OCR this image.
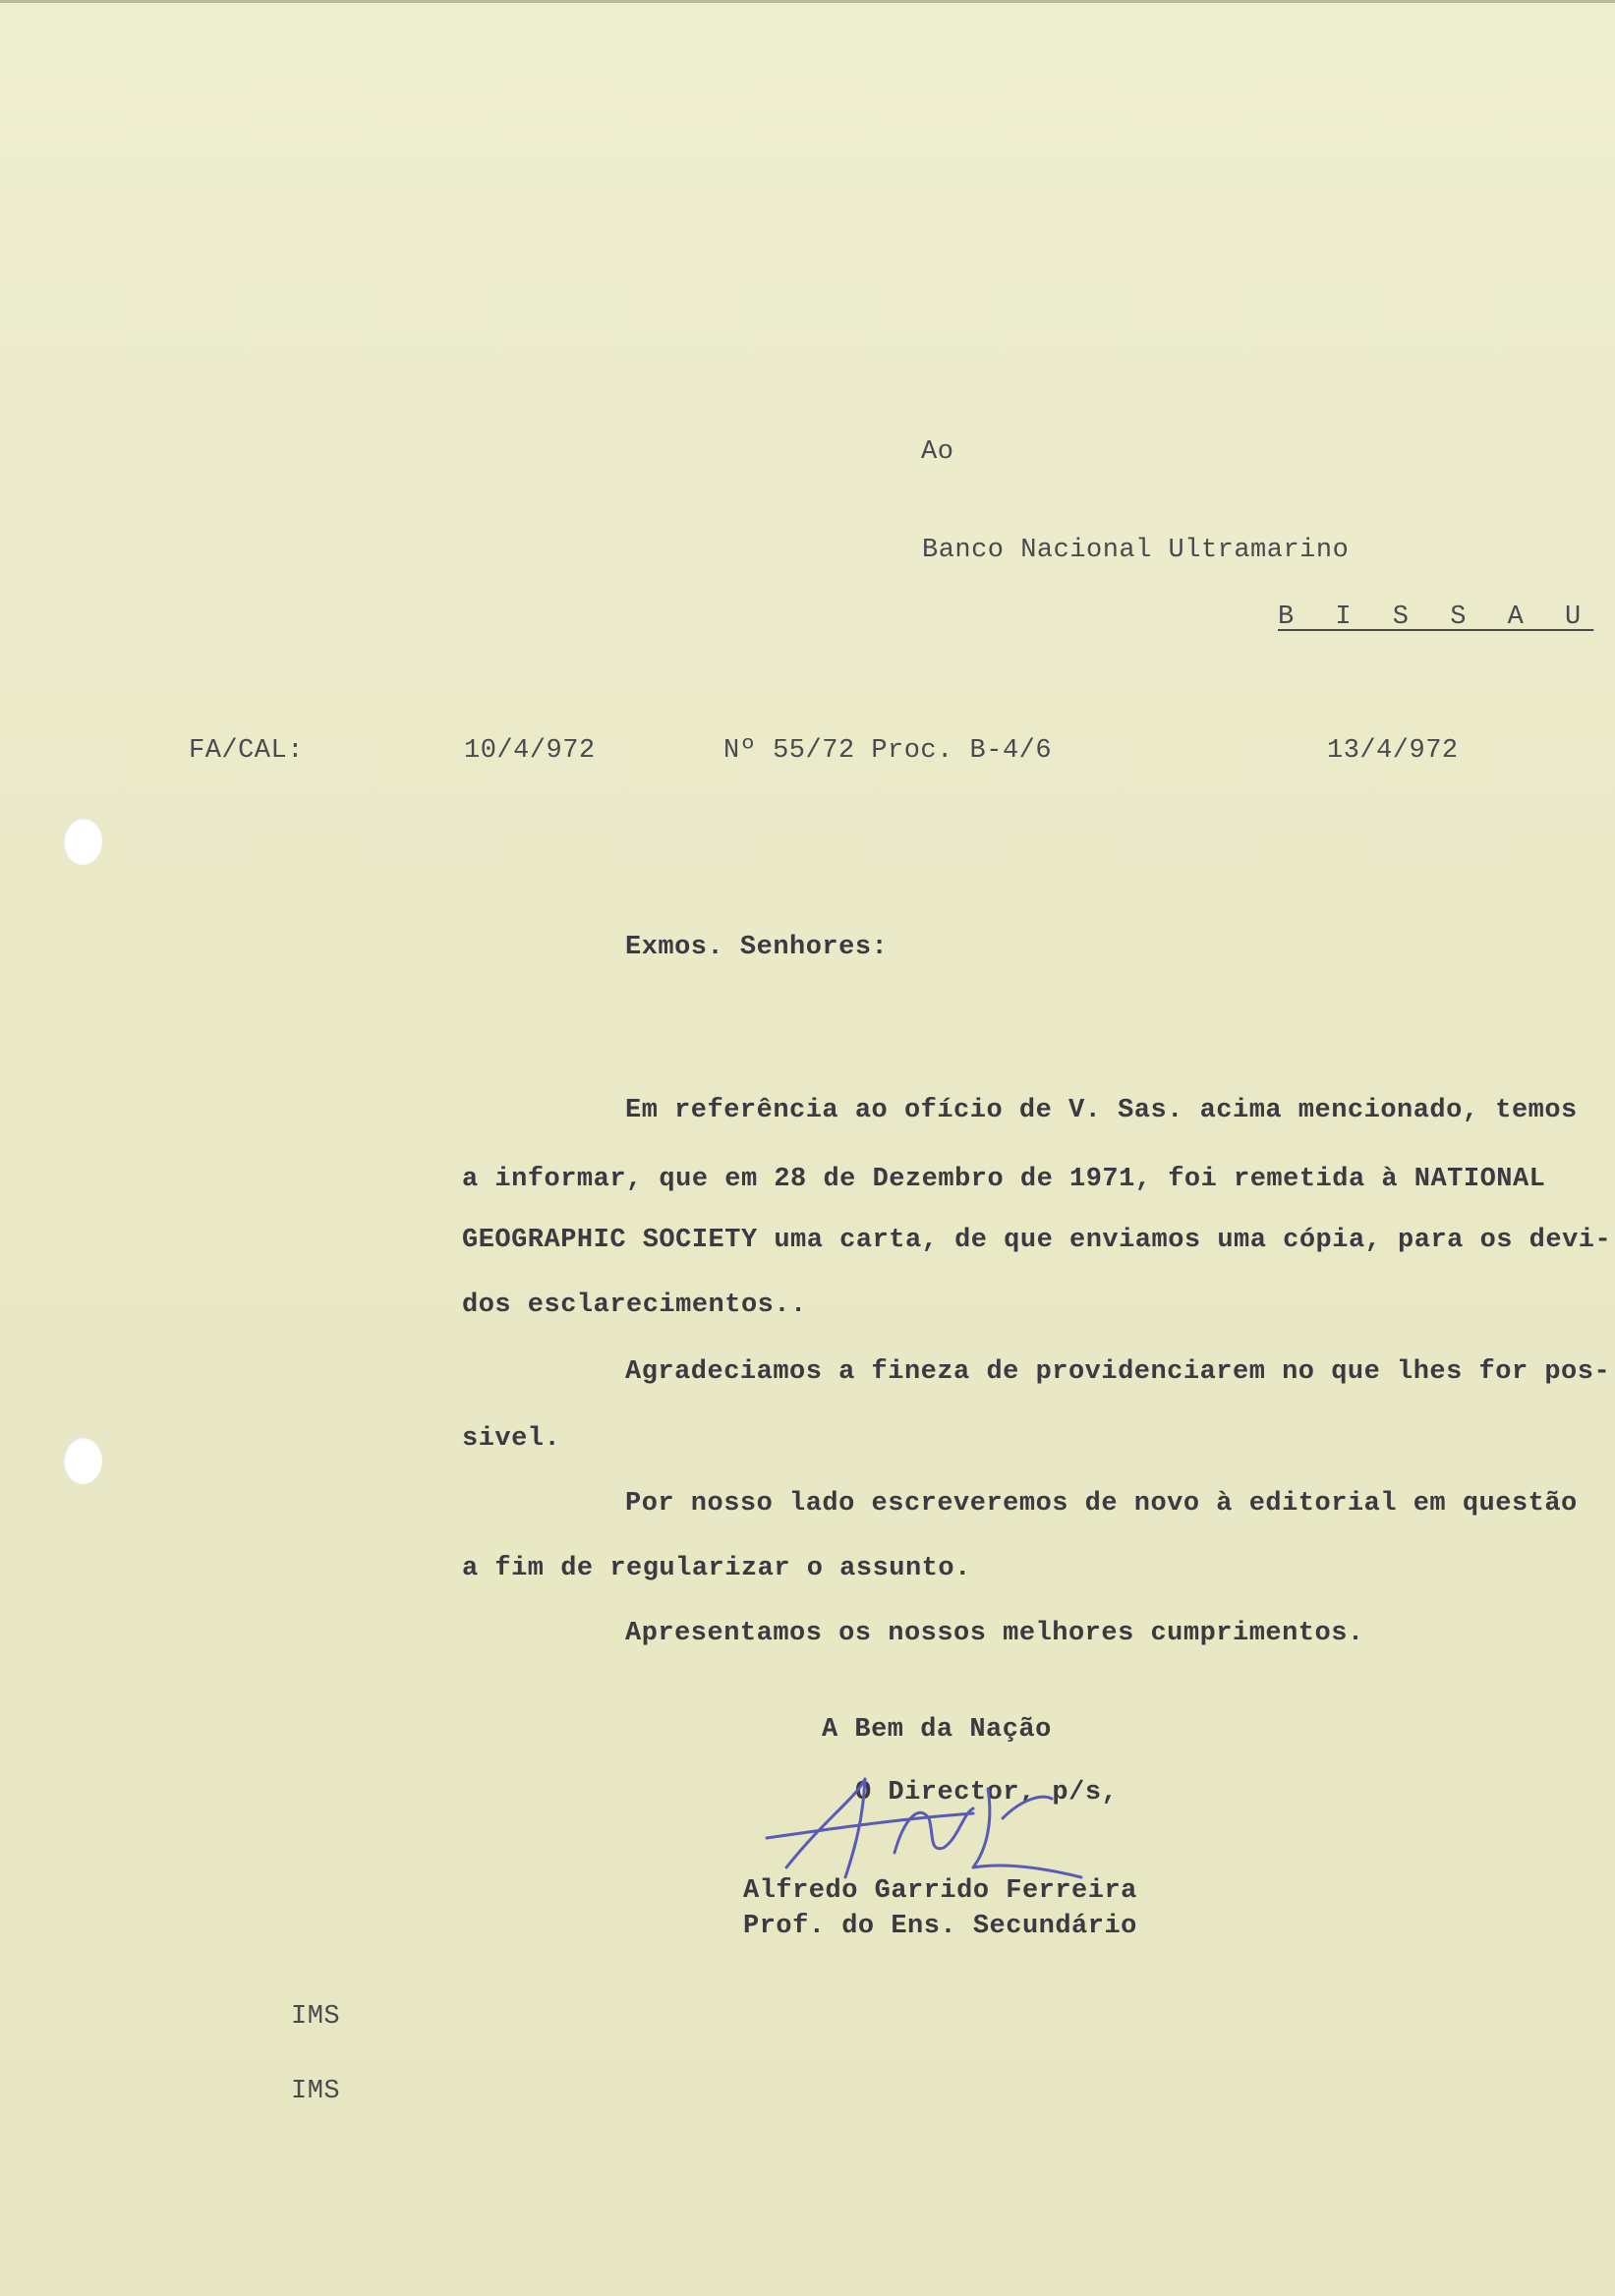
Ao
Banco Nacional Ultramarino
B I S S A U
FA/CAL:	10/4/972	Nº 55/72 Proc. B-4/6	13/4/972
Exmos. Senhores:
Em referência ao ofício de V. Sas. acima mencionado, temos
a informar, que em 28 de Dezembro de 1971, foi remetida à NATIONAL
GEOGRAPHIC SOCIETY uma carta, de que enviamos uma cópia, para os devi-
dos esclarecimentos..
Agradeciamos a fineza de providenciarem no que lhes for pos-
sivel.
Por nosso lado escreveremos de novo à editorial em questão
a fim de regularizar o assunto.
Apresentamos os nossos melhores cumprimentos.
A Bem da Nação
O Director, p/s,
Alfredo Garrido Ferreira
Prof. do Ens. Secundário
IMS
IMS
